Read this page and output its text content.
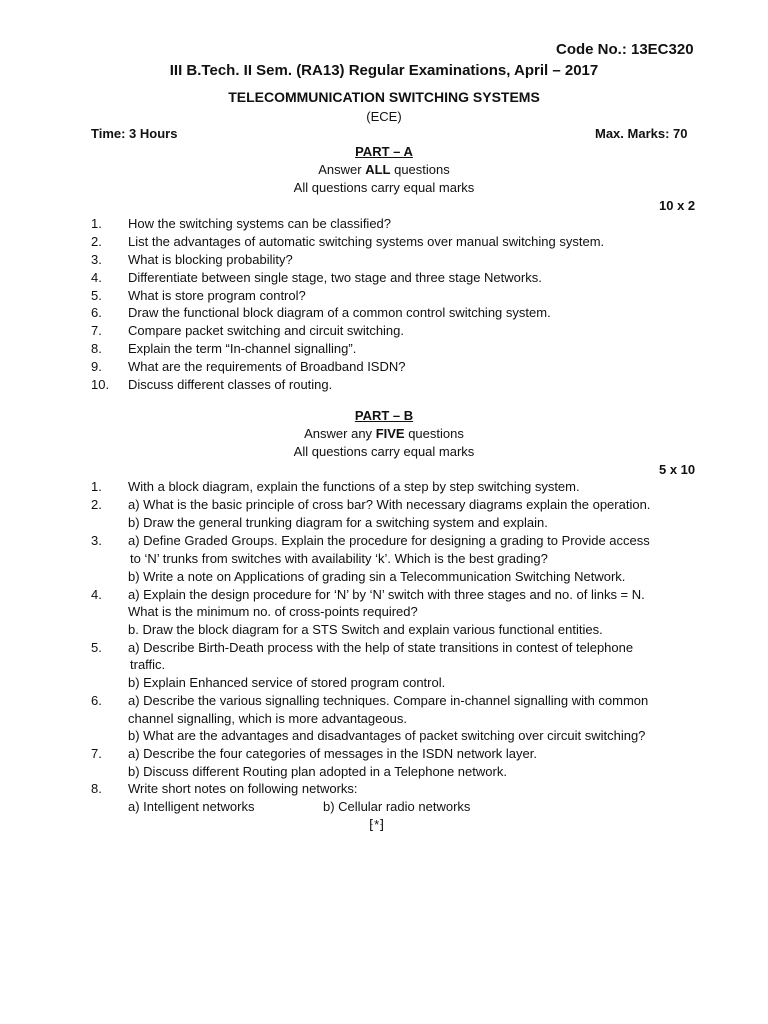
Code No.: 13EC320
III B.Tech. II Sem. (RA13) Regular Examinations, April – 2017
TELECOMMUNICATION SWITCHING SYSTEMS
(ECE)
Time: 3 Hours	Max. Marks: 70
PART – A
Answer ALL questions
All questions carry equal marks
10 x 2
1. How the switching systems can be classified?
2. List the advantages of automatic switching systems over manual switching system.
3. What is blocking probability?
4. Differentiate between single stage, two stage and three stage Networks.
5. What is store program control?
6. Draw the functional block diagram of a common control switching system.
7. Compare packet switching and circuit switching.
8. Explain the term “In-channel signalling”.
9. What are the requirements of Broadband ISDN?
10. Discuss different classes of routing.
PART – B
Answer any FIVE questions
All questions carry equal marks
5 x 10
1.
2.
3.
4.
5.
6.
7.
8.
With a block diagram, explain the functions of a step by step switching system.
a) What is the basic principle of cross bar? With necessary diagrams explain the operation.
b) Draw the general trunking diagram for a switching system and explain.
a) Define Graded Groups. Explain the procedure for designing a grading to Provide access
to ‘N’ trunks from switches with availability ‘k’. Which is the best grading?
b) Write a note on Applications of grading sin a Telecommunication Switching Network.
a) Explain the design procedure for ‘N’ by ‘N’ switch with three stages and no. of links = N.
What is the minimum no. of cross-points required?
b. Draw the block diagram for a STS Switch and explain various functional entities.
a) Describe Birth-Death process with the help of state transitions in contest of telephone
traffic.
b) Explain Enhanced service of stored program control.
a) Describe the various signalling techniques. Compare in-channel signalling with common
channel signalling, which is more advantageous.
b) What are the advantages and disadvantages of packet switching over circuit switching?
a) Describe the four categories of messages in the ISDN network layer.
b) Discuss different Routing plan adopted in a Telephone network.
Write short notes on following networks:
a) Intelligent networks	b) Cellular radio networks
⁅*⁆
